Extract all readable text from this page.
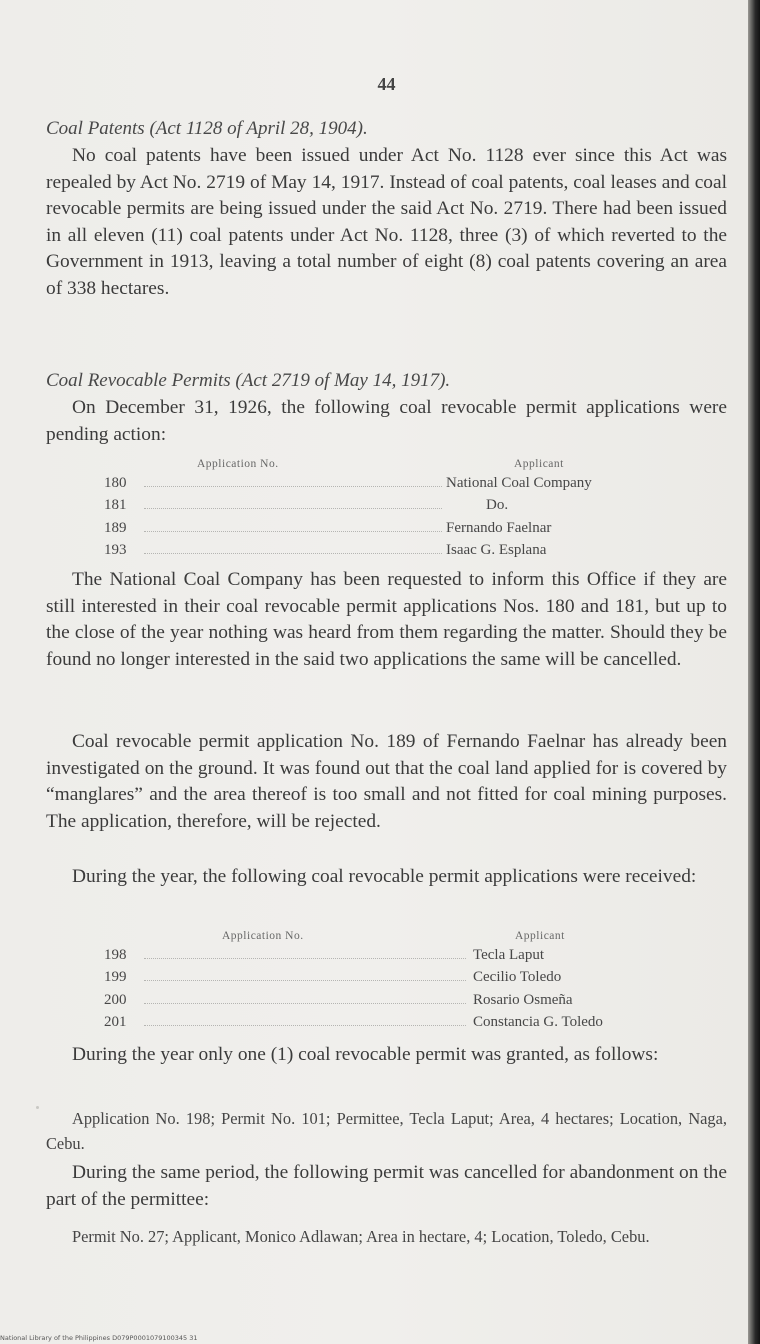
44
Coal Patents (Act 1128 of April 28, 1904).
No coal patents have been issued under Act No. 1128 ever since this Act was repealed by Act No. 2719 of May 14, 1917. Instead of coal patents, coal leases and coal revocable permits are being issued under the said Act No. 2719. There had been issued in all eleven (11) coal patents under Act No. 1128, three (3) of which reverted to the Government in 1913, leaving a total number of eight (8) coal patents covering an area of 338 hectares.
Coal Revocable Permits (Act 2719 of May 14, 1917).
On December 31, 1926, the following coal revocable permit applications were pending action:
Application No.	Applicant
180	National Coal Company
181	Do.
189	Fernando Faelnar
193	Isaac G. Esplana
The National Coal Company has been requested to inform this Office if they are still interested in their coal revocable permit applications Nos. 180 and 181, but up to the close of the year nothing was heard from them regarding the matter. Should they be found no longer interested in the said two applications the same will be cancelled.
Coal revocable permit application No. 189 of Fernando Faelnar has already been investigated on the ground. It was found out that the coal land applied for is covered by “manglares” and the area thereof is too small and not fitted for coal mining purposes. The application, therefore, will be rejected.
During the year, the following coal revocable permit applications were received:
Application No.	Applicant
198	Tecla Laput
199	Cecilio Toledo
200	Rosario Osmeña
201	Constancia G. Toledo
During the year only one (1) coal revocable permit was granted, as follows:
Application No. 198; Permit No. 101; Permittee, Tecla Laput; Area, 4 hectares; Location, Naga, Cebu.
During the same period, the following permit was cancelled for abandonment on the part of the permittee:
Permit No. 27; Applicant, Monico Adlawan; Area in hectare, 4; Location, Toledo, Cebu.
National Library of the Philippines D079P0001079100345 31
